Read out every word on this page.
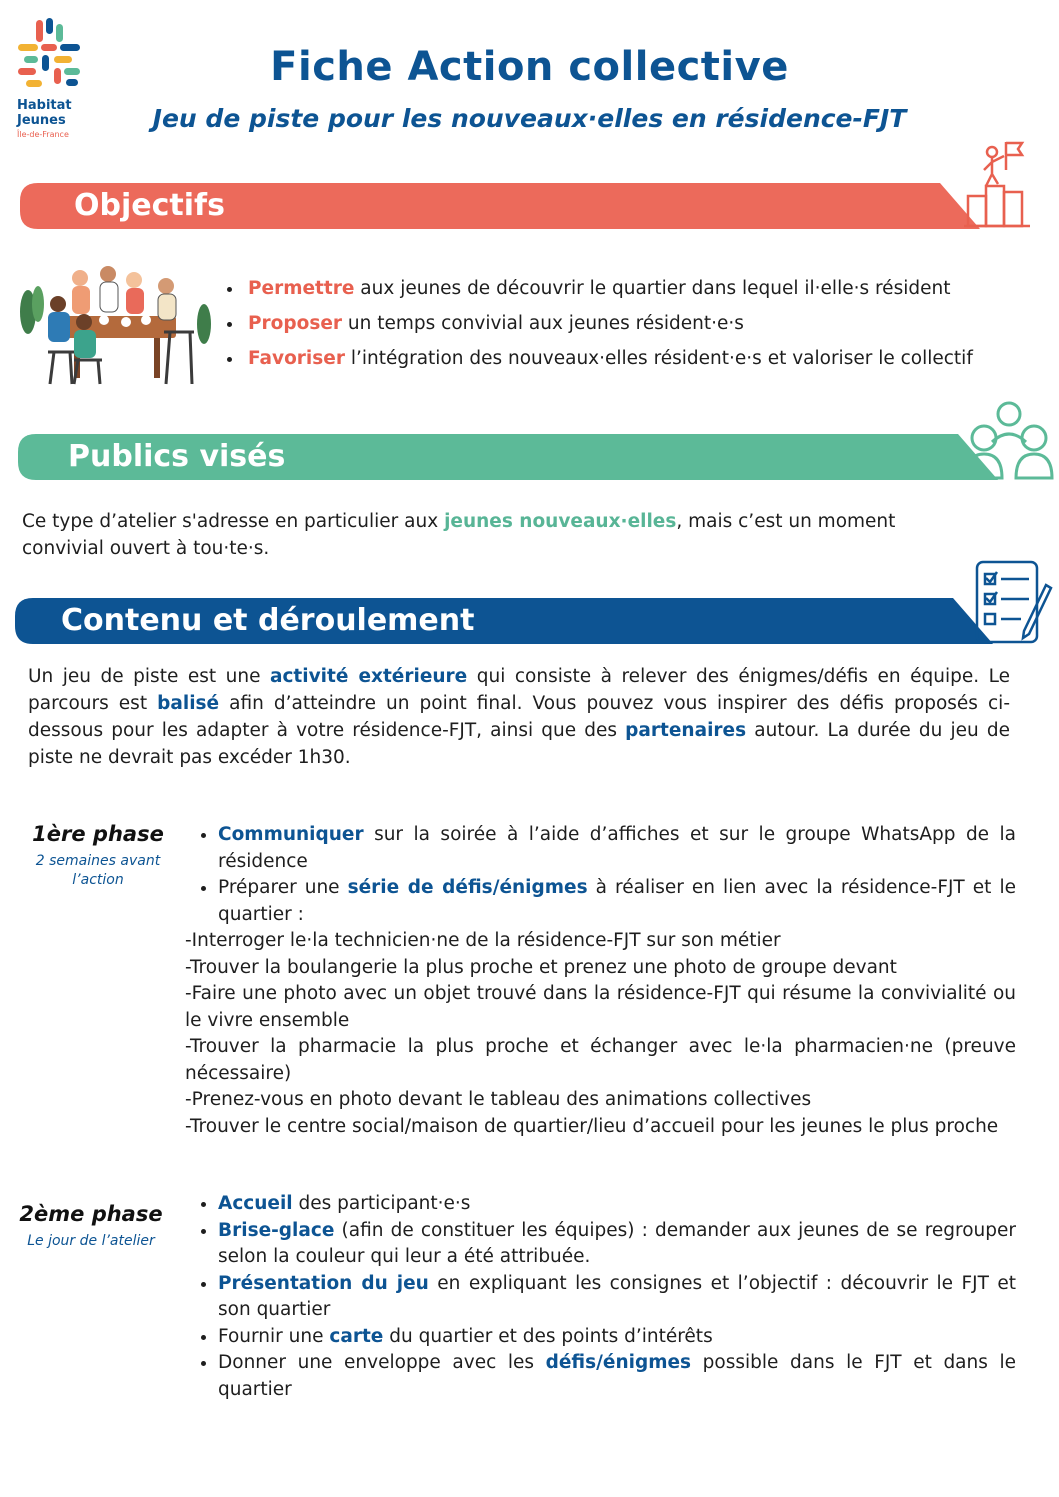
Habitat
Jeunes
Île-de-France
Fiche Action collective
Jeu de piste pour les nouveaux·elles en résidence-FJT
Objectifs
• Permettre aux jeunes de découvrir le quartier dans lequel il·elle·s résident
• Proposer un temps convivial aux jeunes résident·e·s
• Favoriser l’intégration des nouveaux·elles résident·e·s et valoriser le collectif
Publics visés
Ce type d’atelier s'adresse en particulier aux jeunes nouveaux·elles, mais c’est un moment convivial ouvert à tou·te·s.
Contenu et déroulement
Un jeu de piste est une activité extérieure qui consiste à relever des énigmes/défis en équipe. Le parcours est balisé afin d’atteindre un point final. Vous pouvez vous inspirer des défis proposés ci-dessous pour les adapter à votre résidence-FJT, ainsi que des partenaires autour. La durée du jeu de piste ne devrait pas excéder 1h30.
1ère phase
2 semaines avant l’action
• Communiquer sur la soirée à l’aide d’affiches et sur le groupe WhatsApp de la résidence
• Préparer une série de défis/énigmes à réaliser en lien avec la résidence-FJT et le quartier :
-Interroger le·la technicien·ne de la résidence-FJT sur son métier
-Trouver la boulangerie la plus proche et prenez une photo de groupe devant
-Faire une photo avec un objet trouvé dans la résidence-FJT qui résume la convivialité ou le vivre ensemble
-Trouver la pharmacie la plus proche et échanger avec le·la pharmacien·ne (preuve nécessaire)
-Prenez-vous en photo devant le tableau des animations collectives
-Trouver le centre social/maison de quartier/lieu d’accueil pour les jeunes le plus proche
2ème phase
Le jour de l’atelier
• Accueil des participant·e·s
• Brise-glace (afin de constituer les équipes) : demander aux jeunes de se regrouper selon la couleur qui leur a été attribuée.
• Présentation du jeu en expliquant les consignes et l’objectif : découvrir le FJT et son quartier
• Fournir une carte du quartier et des points d’intérêts
• Donner une enveloppe avec les défis/énigmes possible dans le FJT et dans le quartier
